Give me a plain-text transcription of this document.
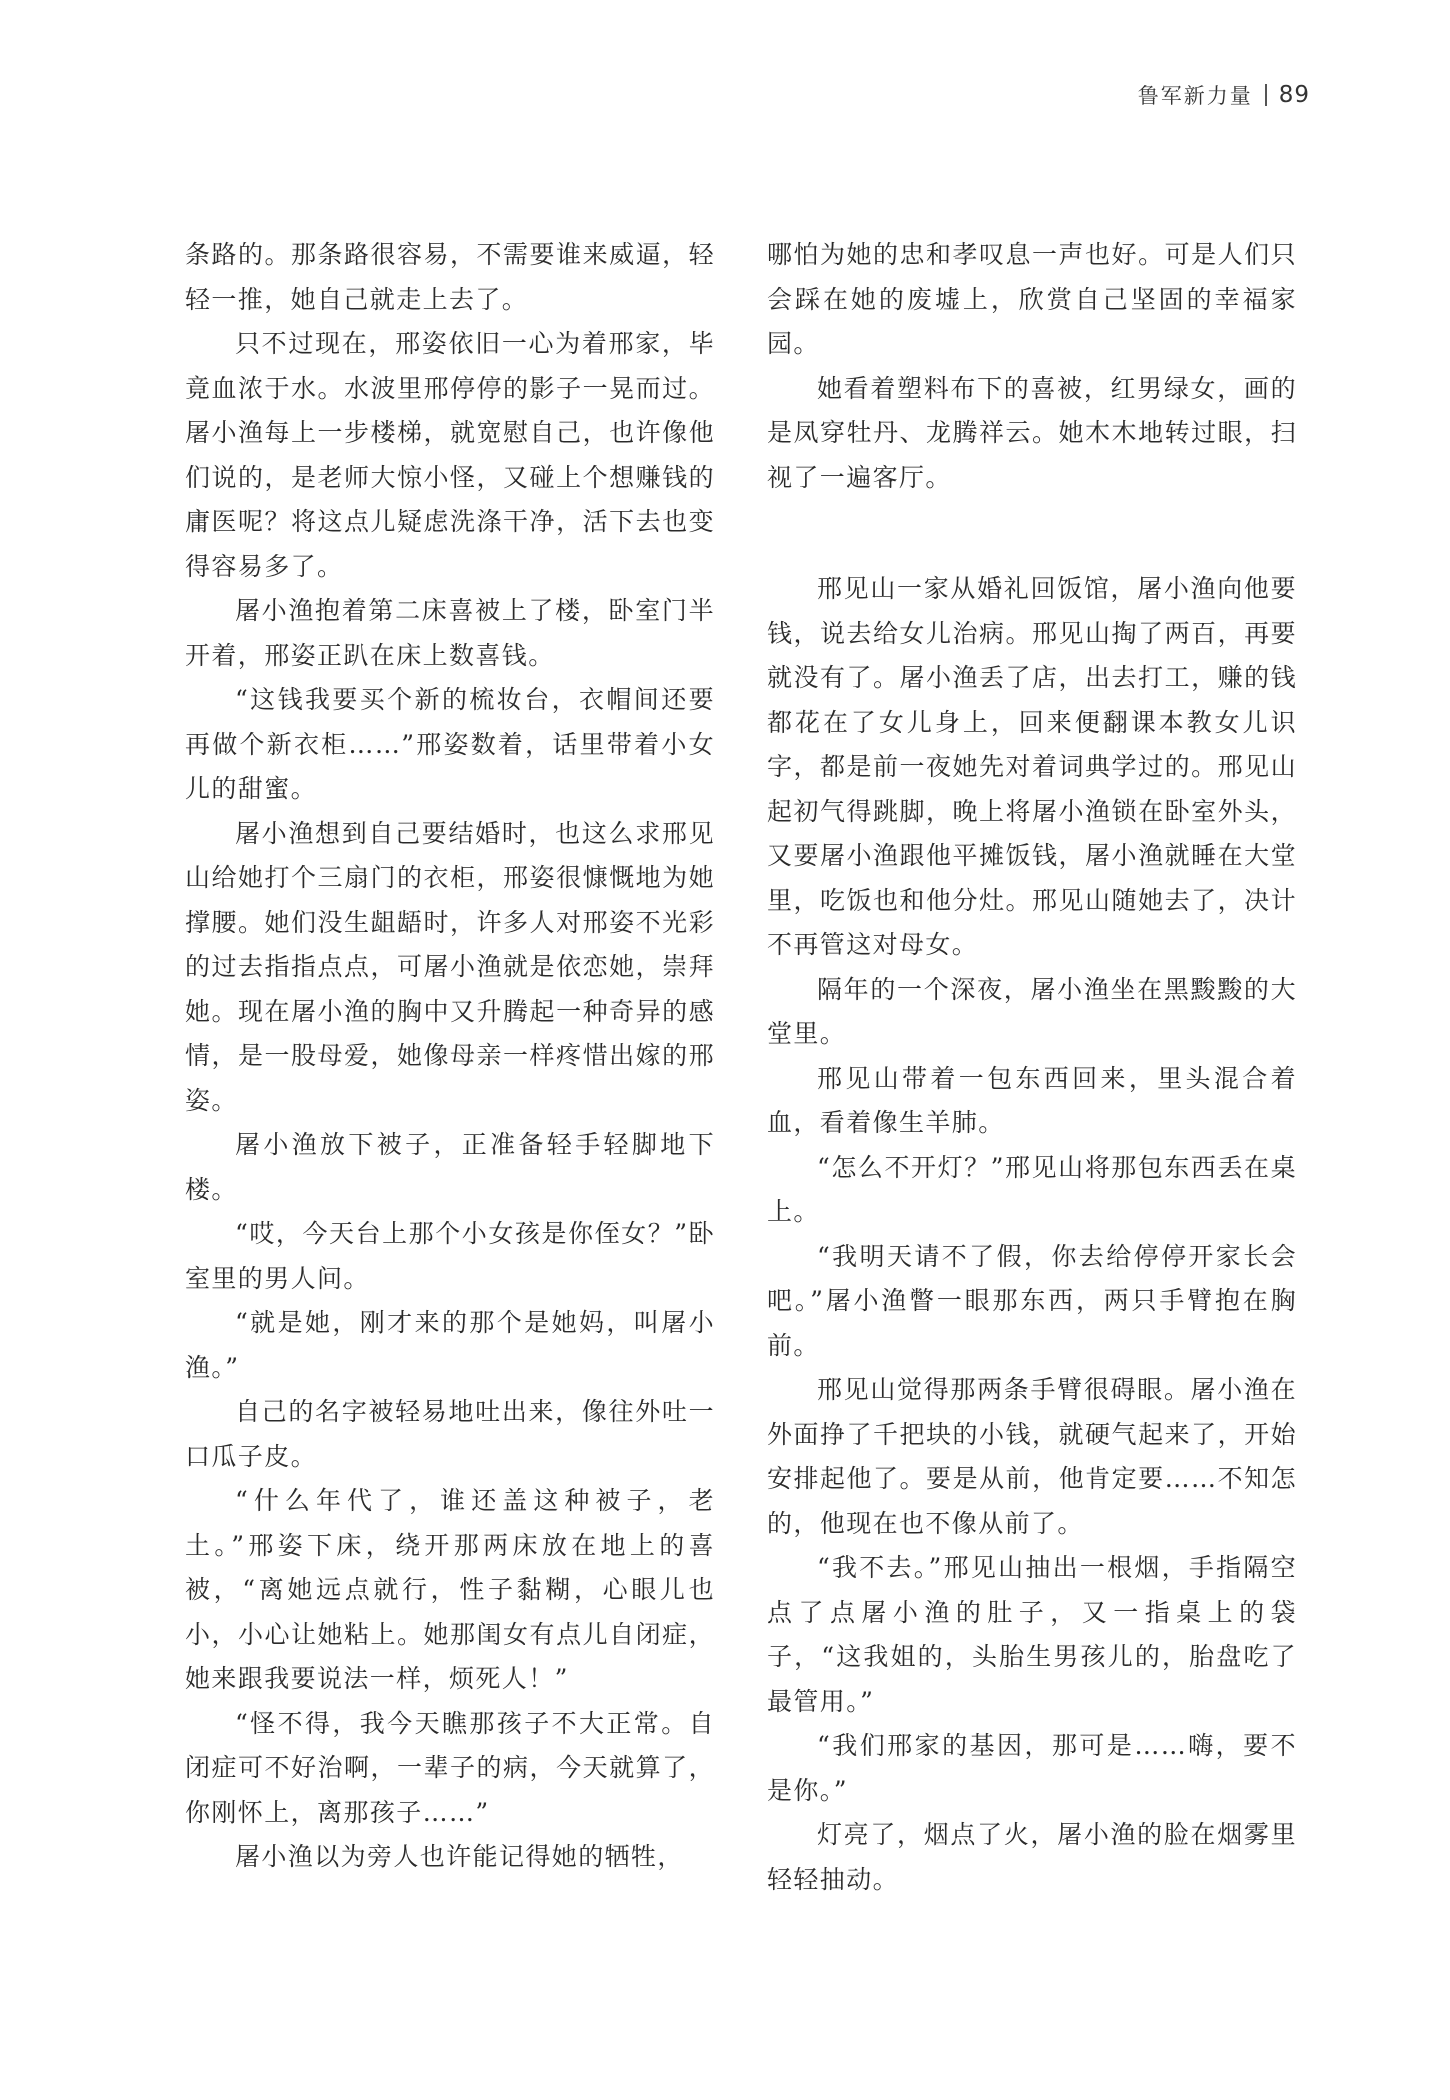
鲁军新力量 89

条路的。那条路很容易，不需要谁来威逼，轻轻一推，她自己就走上去了。

只不过现在，邢姿依旧一心为着邢家，毕竟血浓于水。水波里邢停停的影子一晃而过。屠小渔每上一步楼梯，就宽慰自己，也许像他们说的，是老师大惊小怪，又碰上个想赚钱的庸医呢？将这点儿疑虑洗涤干净，活下去也变得容易多了。

屠小渔抱着第二床喜被上了楼，卧室门半开着，邢姿正趴在床上数喜钱。

“这钱我要买个新的梳妆台，衣帽间还要再做个新衣柜……”邢姿数着，话里带着小女儿的甜蜜。

屠小渔想到自己要结婚时，也这么求邢见山给她打个三扇门的衣柜，邢姿很慷慨地为她撑腰。她们没生龃龉时，许多人对邢姿不光彩的过去指指点点，可屠小渔就是依恋她，崇拜她。现在屠小渔的胸中又升腾起一种奇异的感情，是一股母爱，她像母亲一样疼惜出嫁的邢姿。

屠小渔放下被子，正准备轻手轻脚地下楼。

“哎，今天台上那个小女孩是你侄女？”卧室里的男人问。

“就是她，刚才来的那个是她妈，叫屠小渔。”

自己的名字被轻易地吐出来，像往外吐一口瓜子皮。

“什么年代了，谁还盖这种被子，老土。”邢姿下床，绕开那两床放在地上的喜被，“离她远点就行，性子黏糊，心眼儿也小，小心让她粘上。她那闺女有点儿自闭症，她来跟我要说法一样，烦死人！”

“怪不得，我今天瞧那孩子不大正常。自闭症可不好治啊，一辈子的病，今天就算了，你刚怀上，离那孩子……”

屠小渔以为旁人也许能记得她的牺牲，

哪怕为她的忠和孝叹息一声也好。可是人们只会踩在她的废墟上，欣赏自己坚固的幸福家园。

她看着塑料布下的喜被，红男绿女，画的是凤穿牡丹、龙腾祥云。她木木地转过眼，扫视了一遍客厅。

邢见山一家从婚礼回饭馆，屠小渔向他要钱，说去给女儿治病。邢见山掏了两百，再要就没有了。屠小渔丢了店，出去打工，赚的钱都花在了女儿身上，回来便翻课本教女儿识字，都是前一夜她先对着词典学过的。邢见山起初气得跳脚，晚上将屠小渔锁在卧室外头，又要屠小渔跟他平摊饭钱，屠小渔就睡在大堂里，吃饭也和他分灶。邢见山随她去了，决计不再管这对母女。

隔年的一个深夜，屠小渔坐在黑黢黢的大堂里。

邢见山带着一包东西回来，里头混合着血，看着像生羊肺。

“怎么不开灯？”邢见山将那包东西丢在桌上。

“我明天请不了假，你去给停停开家长会吧。”屠小渔瞥一眼那东西，两只手臂抱在胸前。

邢见山觉得那两条手臂很碍眼。屠小渔在外面挣了千把块的小钱，就硬气起来了，开始安排起他了。要是从前，他肯定要……不知怎的，他现在也不像从前了。

“我不去。”邢见山抽出一根烟，手指隔空点了点屠小渔的肚子，又一指桌上的袋子，“这我姐的，头胎生男孩儿的，胎盘吃了最管用。”

“我们邢家的基因，那可是……嗨，要不是你。”

灯亮了，烟点了火，屠小渔的脸在烟雾里轻轻抽动。
